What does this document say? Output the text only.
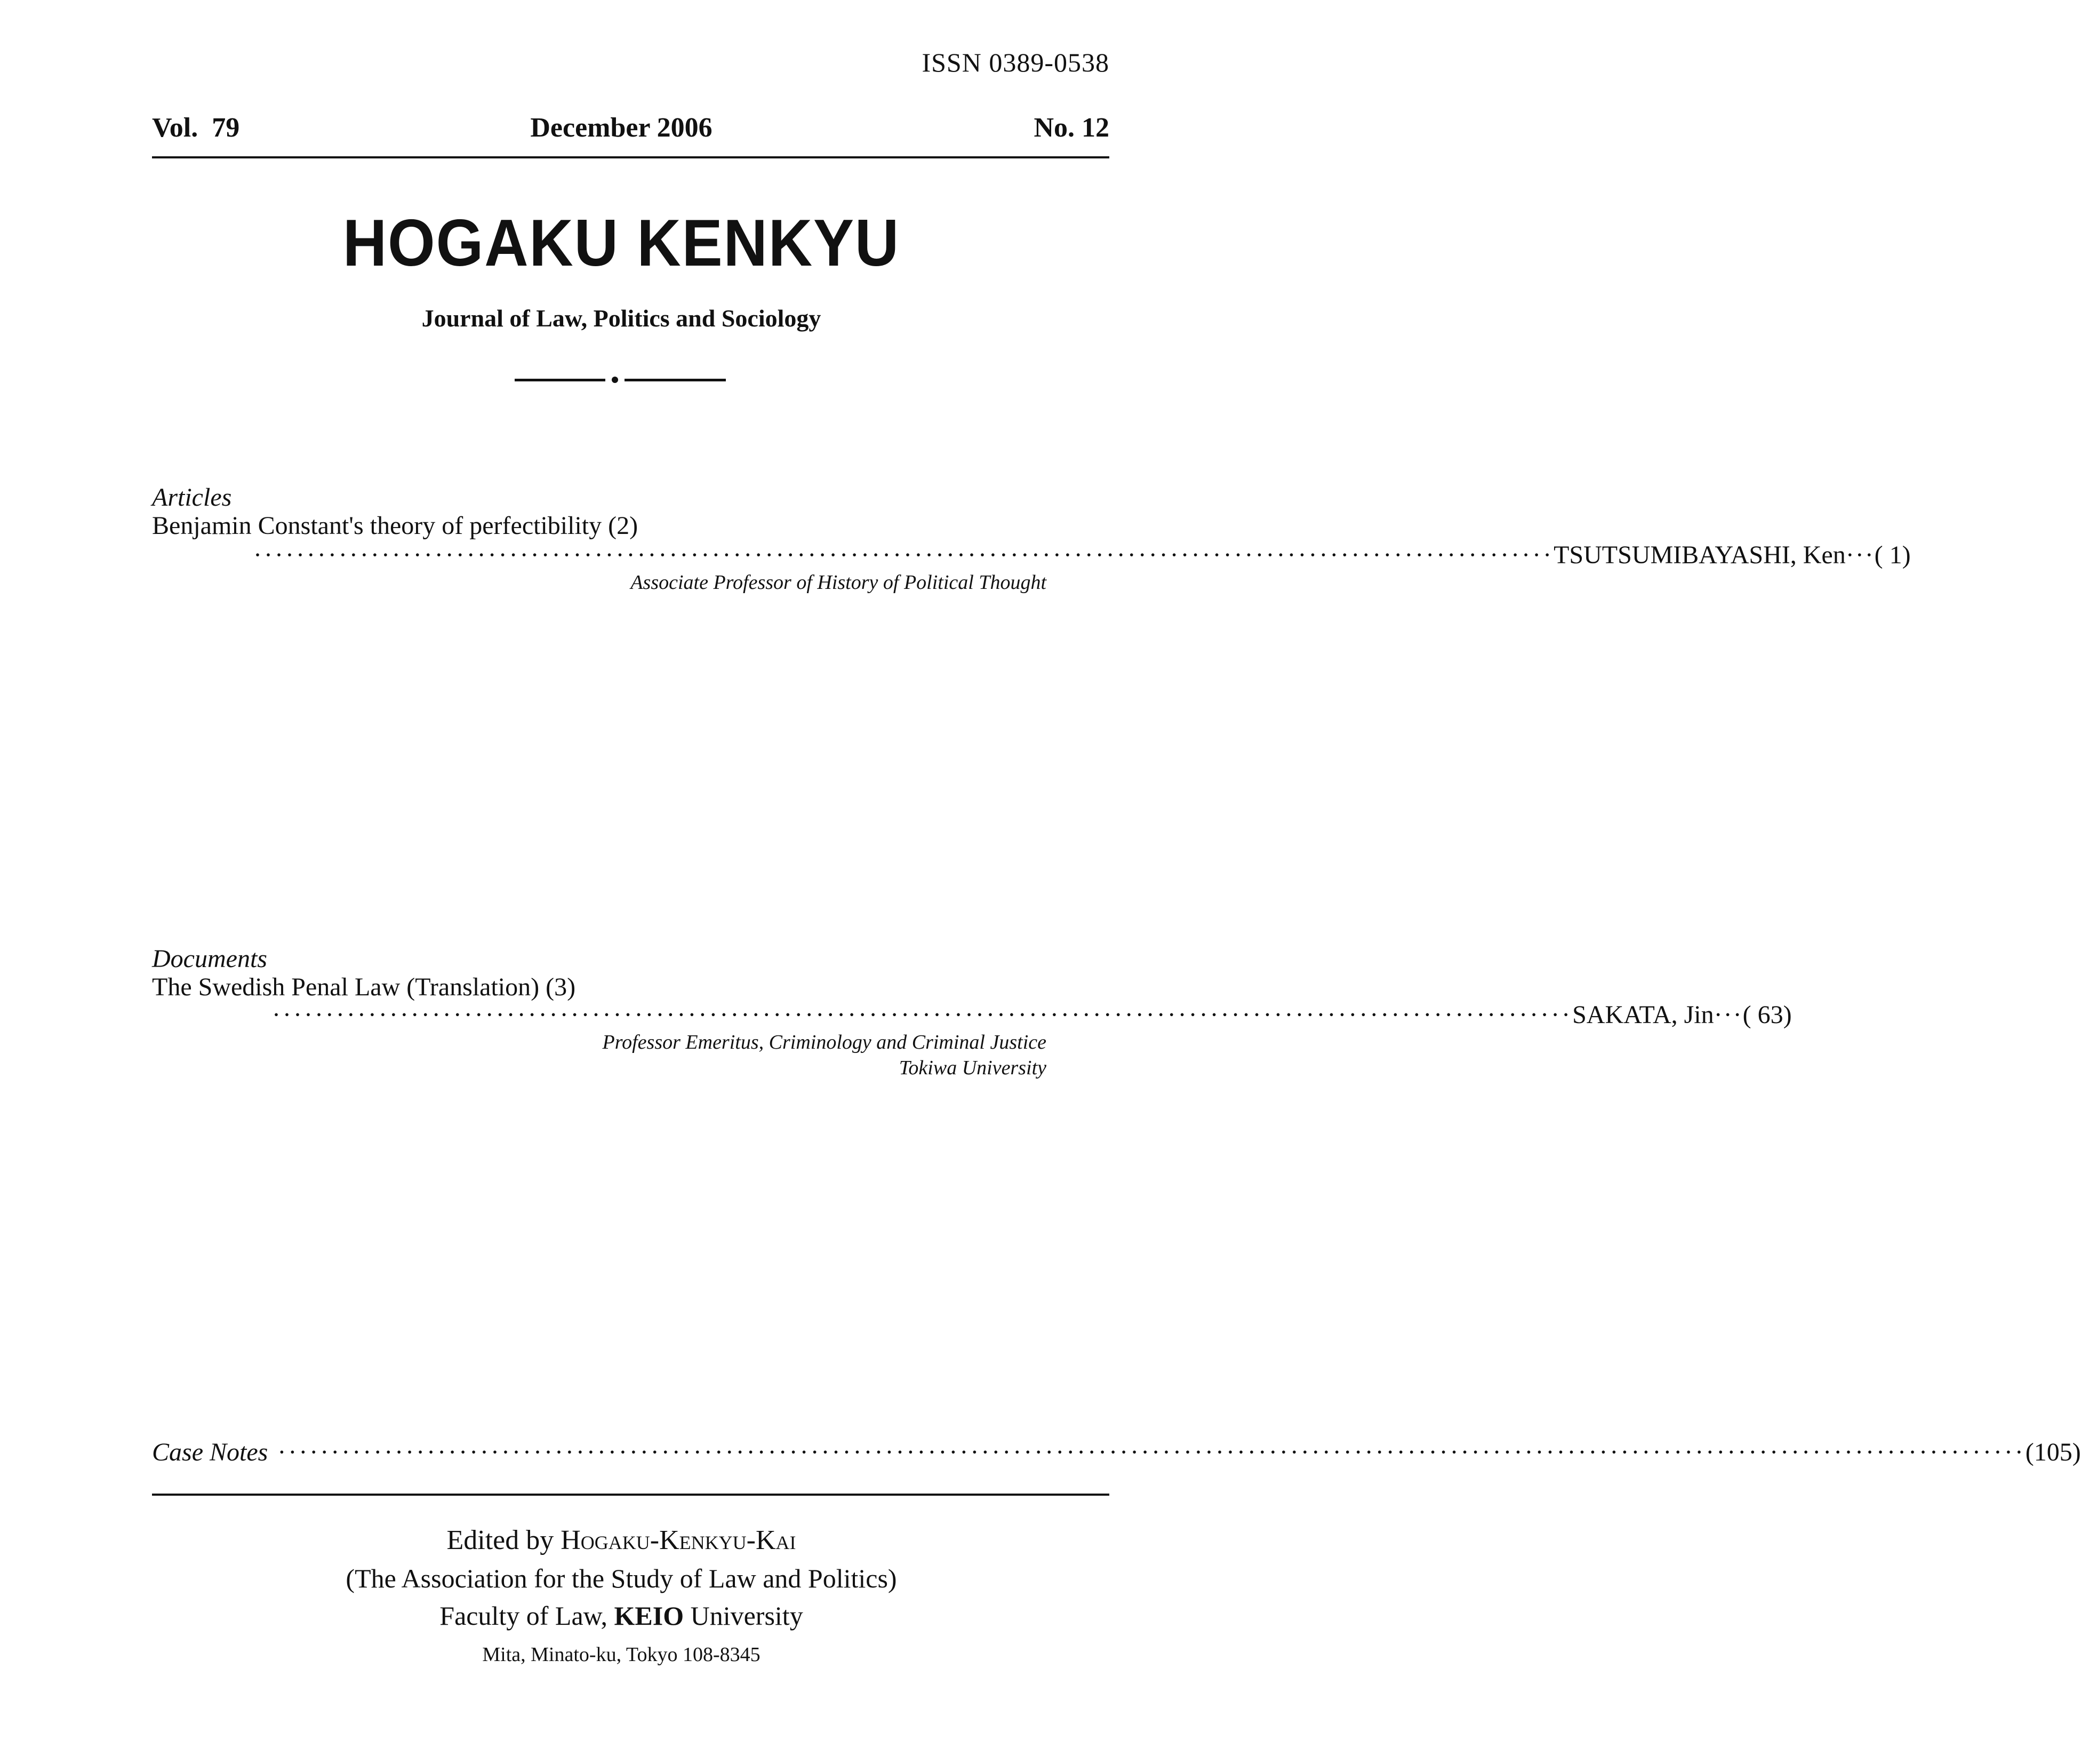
ISSN 0389-0538
Vol.  79	December 2006	No. 12
HOGAKU KENKYU
Journal of Law, Politics and Sociology
Articles
Benjamin Constant's theory of perfectibility (2)
·························································································································· TSUTSUMIBAYASHI, Ken ··· ( 1)
Associate Professor of History of Political Thought
Documents
The Swedish Penal Law (Translation) (3)
·························································································································· SAKATA, Jin ··· ( 63)
Professor Emeritus, Criminology and Criminal Justice
Tokiwa University
Case Notes ···································································································································································· (105)
Edited by Hogaku-Kenkyu-Kai
(The Association for the Study of Law and Politics)
Faculty of Law, KEIO University
Mita, Minato-ku, Tokyo 108-8345
